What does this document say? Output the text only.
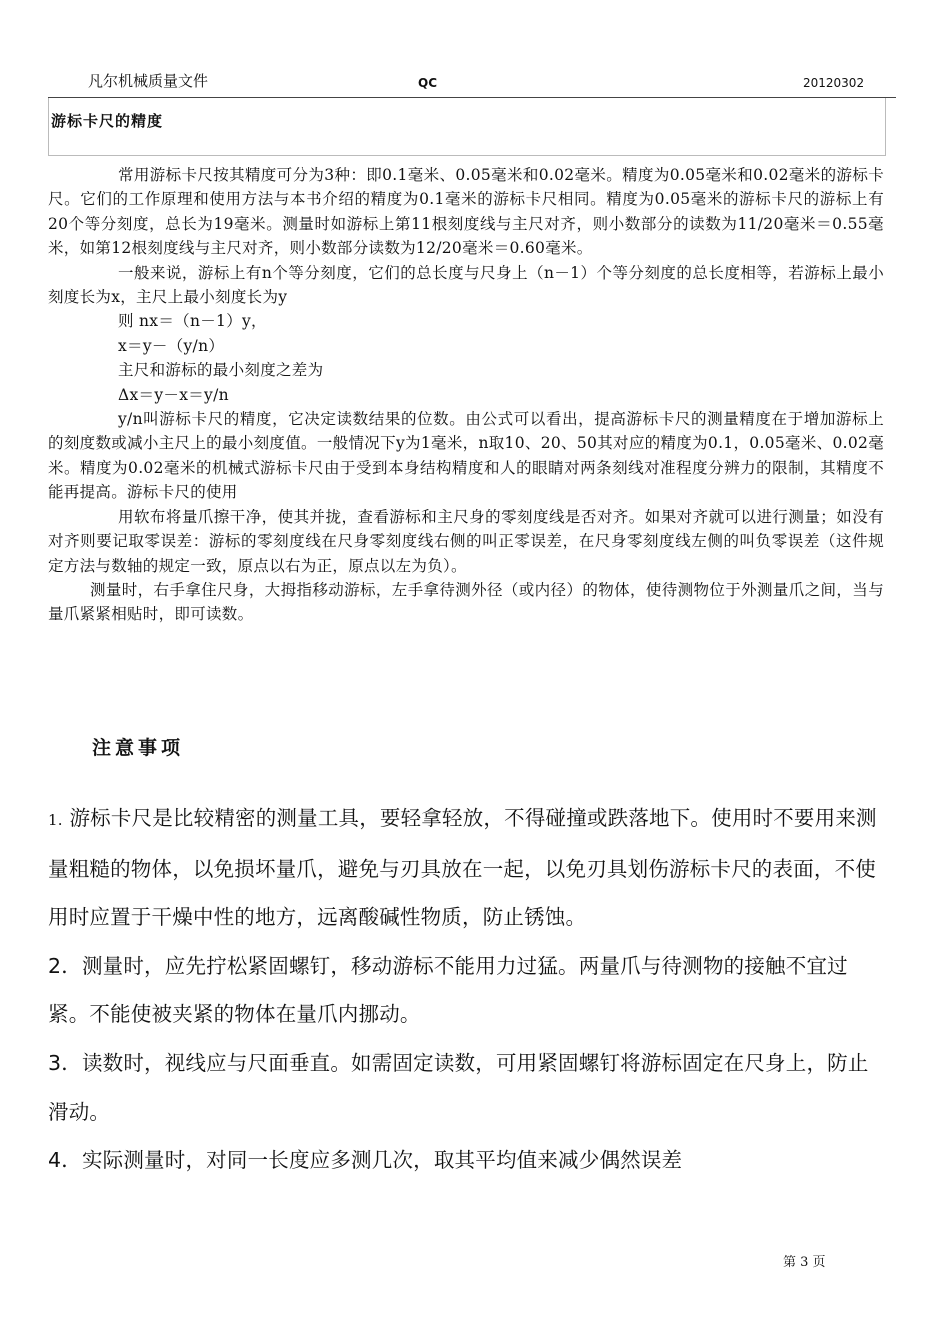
凡尔机械质量文件	QC	20120302
游标卡尺的精度

常用游标卡尺按其精度可分为3种：即0.1毫米、0.05毫米和0.02毫米。精度为0.05毫米和0.02毫米的游标卡尺。它们的工作原理和使用方法与本书介绍的精度为0.1毫米的游标卡尺相同。精度为0.05毫米的游标卡尺的游标上有20个等分刻度，总长为19毫米。测量时如游标上第11根刻度线与主尺对齐，则小数部分的读数为11/20毫米＝0.55毫米，如第12根刻度线与主尺对齐，则小数部分读数为12/20毫米＝0.60毫米。

一般来说，游标上有n个等分刻度，它们的总长度与尺身上（n－1）个等分刻度的总长度相等，若游标上最小刻度长为x，主尺上最小刻度长为y

则 nx＝（n－1）y，

x＝y－（y/n）

主尺和游标的最小刻度之差为

Δx＝y－x＝y/n

y/n叫游标卡尺的精度，它决定读数结果的位数。由公式可以看出，提高游标卡尺的测量精度在于增加游标上的刻度数或减小主尺上的最小刻度值。一般情况下y为1毫米，n取10、20、50其对应的精度为0.1，0.05毫米、0.02毫米。精度为0.02毫米的机械式游标卡尺由于受到本身结构精度和人的眼睛对两条刻线对准程度分辨力的限制，其精度不能再提高。游标卡尺的使用

用软布将量爪擦干净，使其并拢，查看游标和主尺身的零刻度线是否对齐。如果对齐就可以进行测量；如没有对齐则要记取零误差：游标的零刻度线在尺身零刻度线右侧的叫正零误差，在尺身零刻度线左侧的叫负零误差（这件规定方法与数轴的规定一致，原点以右为正，原点以左为负）。

测量时，右手拿住尺身，大拇指移动游标，左手拿待测外径（或内径）的物体，使待测物位于外测量爪之间，当与量爪紧紧相贴时，即可读数。

注意事项

1. 游标卡尺是比较精密的测量工具，要轻拿轻放，不得碰撞或跌落地下。使用时不要用来测量粗糙的物体，以免损坏量爪，避免与刃具放在一起，以免刃具划伤游标卡尺的表面，不使用时应置于干燥中性的地方，远离酸碱性物质，防止锈蚀。

2．测量时，应先拧松紧固螺钉，移动游标不能用力过猛。两量爪与待测物的接触不宜过紧。不能使被夹紧的物体在量爪内挪动。

3．读数时，视线应与尺面垂直。如需固定读数，可用紧固螺钉将游标固定在尺身上，防止滑动。

4．实际测量时，对同一长度应多测几次，取其平均值来减少偶然误差

第 3 页
